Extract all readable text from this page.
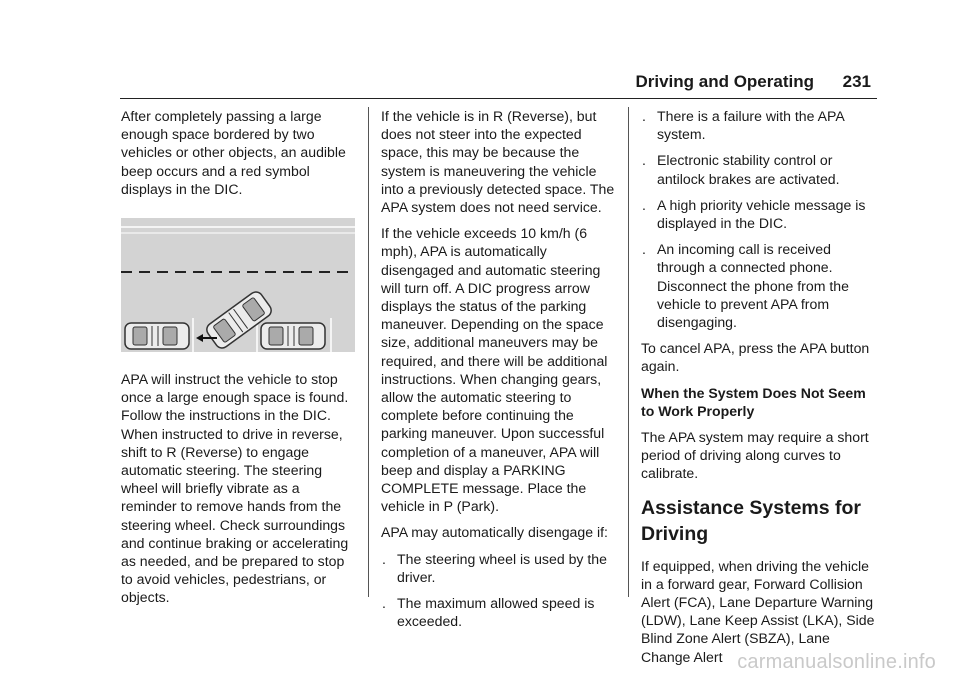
Driving and Operating 231

After completely passing a large enough space bordered by two vehicles or other objects, an audible beep occurs and a red symbol displays in the DIC.

APA will instruct the vehicle to stop once a large enough space is found. Follow the instructions in the DIC. When instructed to drive in reverse, shift to R (Reverse) to engage automatic steering. The steering wheel will briefly vibrate as a reminder to remove hands from the steering wheel. Check surroundings and continue braking or accelerating as needed, and be prepared to stop to avoid vehicles, pedestrians, or objects.

If the vehicle is in R (Reverse), but does not steer into the expected space, this may be because the system is maneuvering the vehicle into a previously detected space. The APA system does not need service.

If the vehicle exceeds 10 km/h (6 mph), APA is automatically disengaged and automatic steering will turn off. A DIC progress arrow displays the status of the parking maneuver. Depending on the space size, additional maneuvers may be required, and there will be additional instructions. When changing gears, allow the automatic steering to complete before continuing the parking maneuver. Upon successful completion of a maneuver, APA will beep and display a PARKING COMPLETE message. Place the vehicle in P (Park).

APA may automatically disengage if:

. The steering wheel is used by the driver.
. The maximum allowed speed is exceeded.
. There is a failure with the APA system.
. Electronic stability control or antilock brakes are activated.
. A high priority vehicle message is displayed in the DIC.
. An incoming call is received through a connected phone. Disconnect the phone from the vehicle to prevent APA from disengaging.

To cancel APA, press the APA button again.

When the System Does Not Seem to Work Properly

The APA system may require a short period of driving along curves to calibrate.

Assistance Systems for Driving

If equipped, when driving the vehicle in a forward gear, Forward Collision Alert (FCA), Lane Departure Warning (LDW), Lane Keep Assist (LKA), Side Blind Zone Alert (SBZA), Lane Change Alert carmanualsonline.info
